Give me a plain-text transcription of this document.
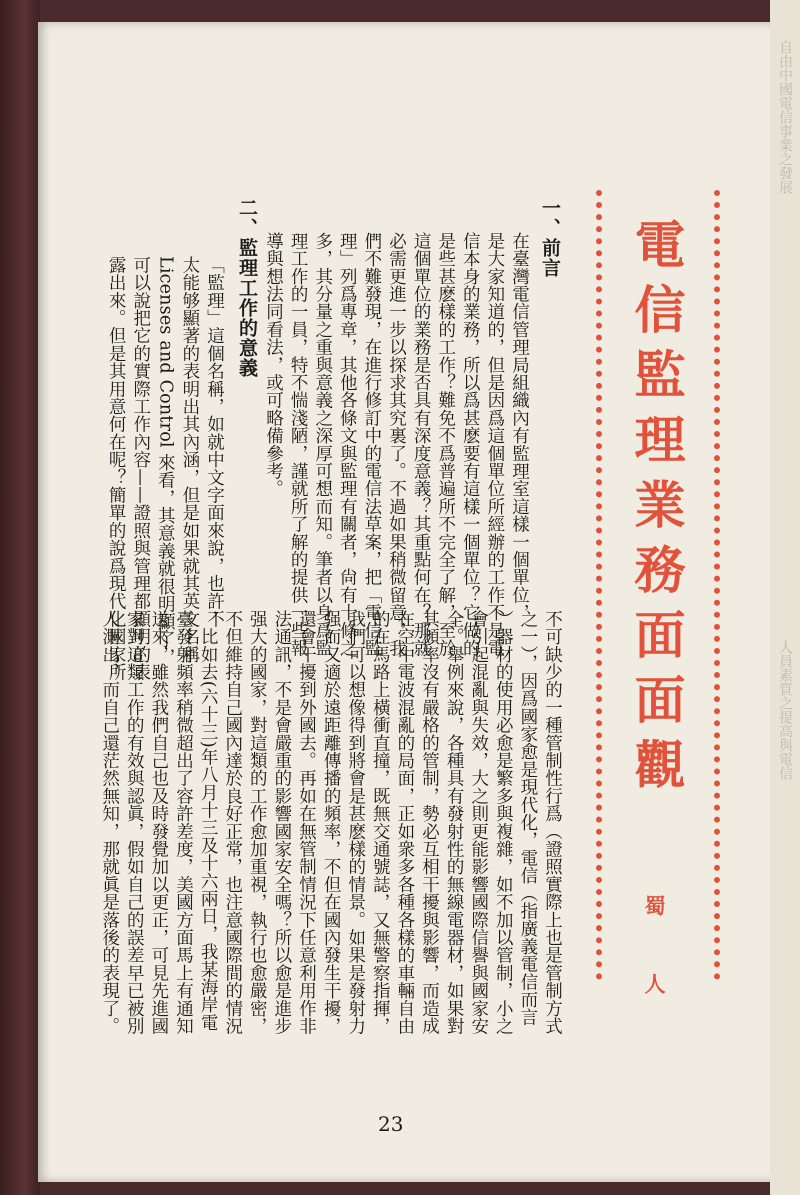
自由中國電信事業之發展
人員素質之提高與電信
電信監理業務面面觀
蜀　人
一、前言
二、監理工作的意義	在臺灣電信管理局組織內有監理室這樣一個單位，
是大家知道的，但是因爲這個單位所經辦的工作不是電
信本身的業務，所以爲甚麽要有這樣一個單位？它做的
是些甚麽樣的工作？難免不爲普遍所不完全了解，至於
這個單位的業務是否具有深度意義？其重點何在？那就
必需更進一步以探求其究裏了。不過如果稍微留意，我
們不難發現，在進行修訂中的電信法草案，把「電信監
理」列爲專章，其他各條文與監理有關者，尙有十條之
多，其分量之重與意義之深厚可想而知。筆者以身爲監
理工作的一員，特不惴淺陋，謹就所了解的提供一些報
導與想法同看法，或可略備參考。
「監理」這個名稱，如就中文字面來說，也許不
太能够顯著的表明出其內涵，但是如果就其英文名稱
Licenses and Control 來看，其意義就很明顯了，
可以說把它的實際工作內容——證照與管理都顯明的表
露出來。但是其用意何在呢？簡單的說爲現代化國家所
不可缺少的一種管制性行爲（證照實際上也是管制方式
之一），因爲國家愈是現代化，電信（指廣義電信而言
）器材的使用必愈是繁多與複雜，如不加以管制，小之
會引起混亂與失效，大之則更能影響國際信譽與國家安
全。舉例來說，各種具有發射性的無線電器材，如果對
其頻率沒有嚴格的管制，勢必互相干擾與影響，而造成
在空中電波混亂的局面，正如衆多各種各樣的車輛自由
的在馬路上橫衝直撞，既無交通號誌，又無警察指揮，
我們可以想像得到將會是甚麽樣的情景。如果是發射力
强而又適於遠距離傳播的頻率，不但在國內發生干擾，
還會干擾到外國去。再如在無管制情況下任意利用作非
法通訊，不是會嚴重的影響國家安全嗎？所以愈是進步
强大的國家，對這類的工作愈加重視，執行也愈嚴密，
不但維持自己國內達於良好正常，也注意國際間的情況
，比如去(六十三)年八月十三及十六兩日，我某海岸電
臺發射頻率稍微超出了容許差度，美國方面馬上有通知
送來，雖然我們自己也及時發覺加以更正，可見先進國
家對這類工作的有效與認眞，假如自己的誤差早已被別
人測出，而自己還茫然無知，那就眞是落後的表現了。
23
